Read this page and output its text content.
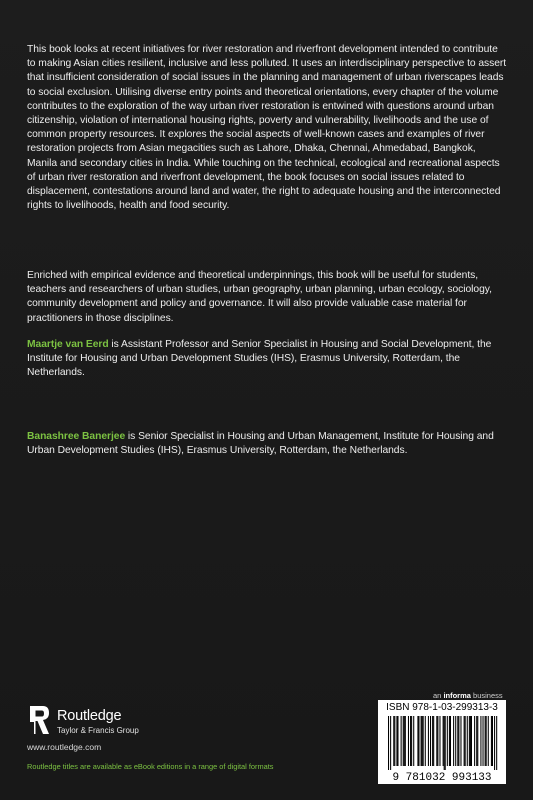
This book looks at recent initiatives for river restoration and riverfront development intended to contribute to making Asian cities resilient, inclusive and less polluted. It uses an interdisciplinary perspective to assert that insufficient consideration of social issues in the planning and management of urban riverscapes leads to social exclusion. Utilising diverse entry points and theoretical orientations, every chapter of the volume contributes to the exploration of the way urban river restoration is entwined with questions around urban citizenship, violation of international housing rights, poverty and vulnerability, livelihoods and the use of common property resources. It explores the social aspects of well-known cases and examples of river restoration projects from Asian megacities such as Lahore, Dhaka, Chennai, Ahmedabad, Bangkok, Manila and secondary cities in India. While touching on the technical, ecological and recreational aspects of urban river restoration and riverfront development, the book focuses on social issues related to displacement, contestations around land and water, the right to adequate housing and the interconnected rights to livelihoods, health and food security.

Enriched with empirical evidence and theoretical underpinnings, this book will be useful for students, teachers and researchers of urban studies, urban geography, urban planning, urban ecology, sociology, community development and policy and governance. It will also provide valuable case material for practitioners in those disciplines.

Maartje van Eerd is Assistant Professor and Senior Specialist in Housing and Social Development, the Institute for Housing and Urban Development Studies (IHS), Erasmus University, Rotterdam, the Netherlands.

Banashree Banerjee is Senior Specialist in Housing and Urban Management, Institute for Housing and Urban Development Studies (IHS), Erasmus University, Rotterdam, the Netherlands.

an informa business
Routledge
Taylor & Francis Group
www.routledge.com
Routledge titles are available as eBook editions in a range of digital formats
ISBN 978-1-03-299313-3
9 781032 993133
